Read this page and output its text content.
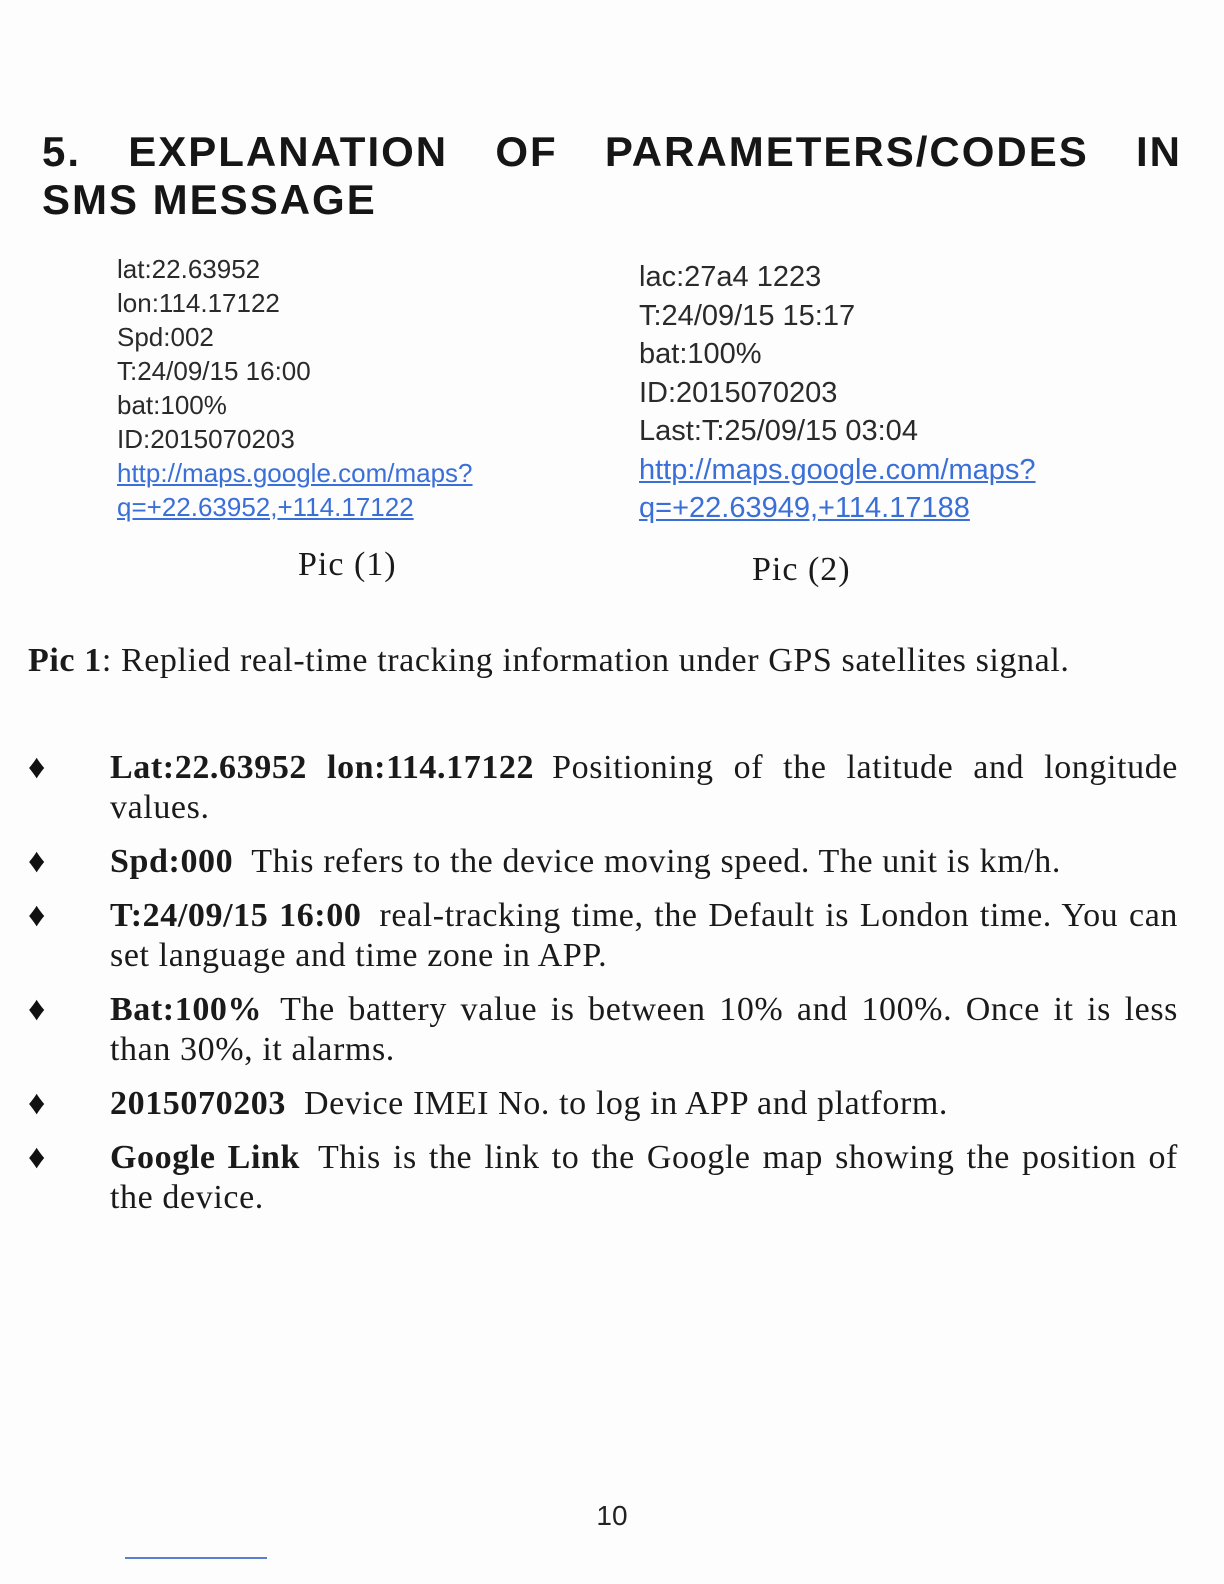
5. EXPLANATION OF PARAMETERS/CODES IN
SMS MESSAGE
lat:22.63952
lon:114.17122
Spd:002
T:24/09/15 16:00
bat:100%
ID:2015070203
http://maps.google.com/maps?
q=+22.63952,+114.17122
lac:27a4 1223
T:24/09/15 15:17
bat:100%
ID:2015070203
Last:T:25/09/15 03:04
http://maps.google.com/maps?
q=+22.63949,+114.17188
Pic (1)	Pic (2)
Pic 1: Replied real-time tracking information under GPS satellites signal.
♦ Lat:22.63952 lon:114.17122 Positioning of the latitude and longitude values.
♦ Spd:000 This refers to the device moving speed. The unit is km/h.
♦ T:24/09/15 16:00 real-tracking time, the Default is London time. You can set language and time zone in APP.
♦ Bat:100% The battery value is between 10% and 100%. Once it is less than 30%, it alarms.
♦ 2015070203 Device IMEI No. to log in APP and platform.
♦ Google Link This is the link to the Google map showing the position of the device.
10
